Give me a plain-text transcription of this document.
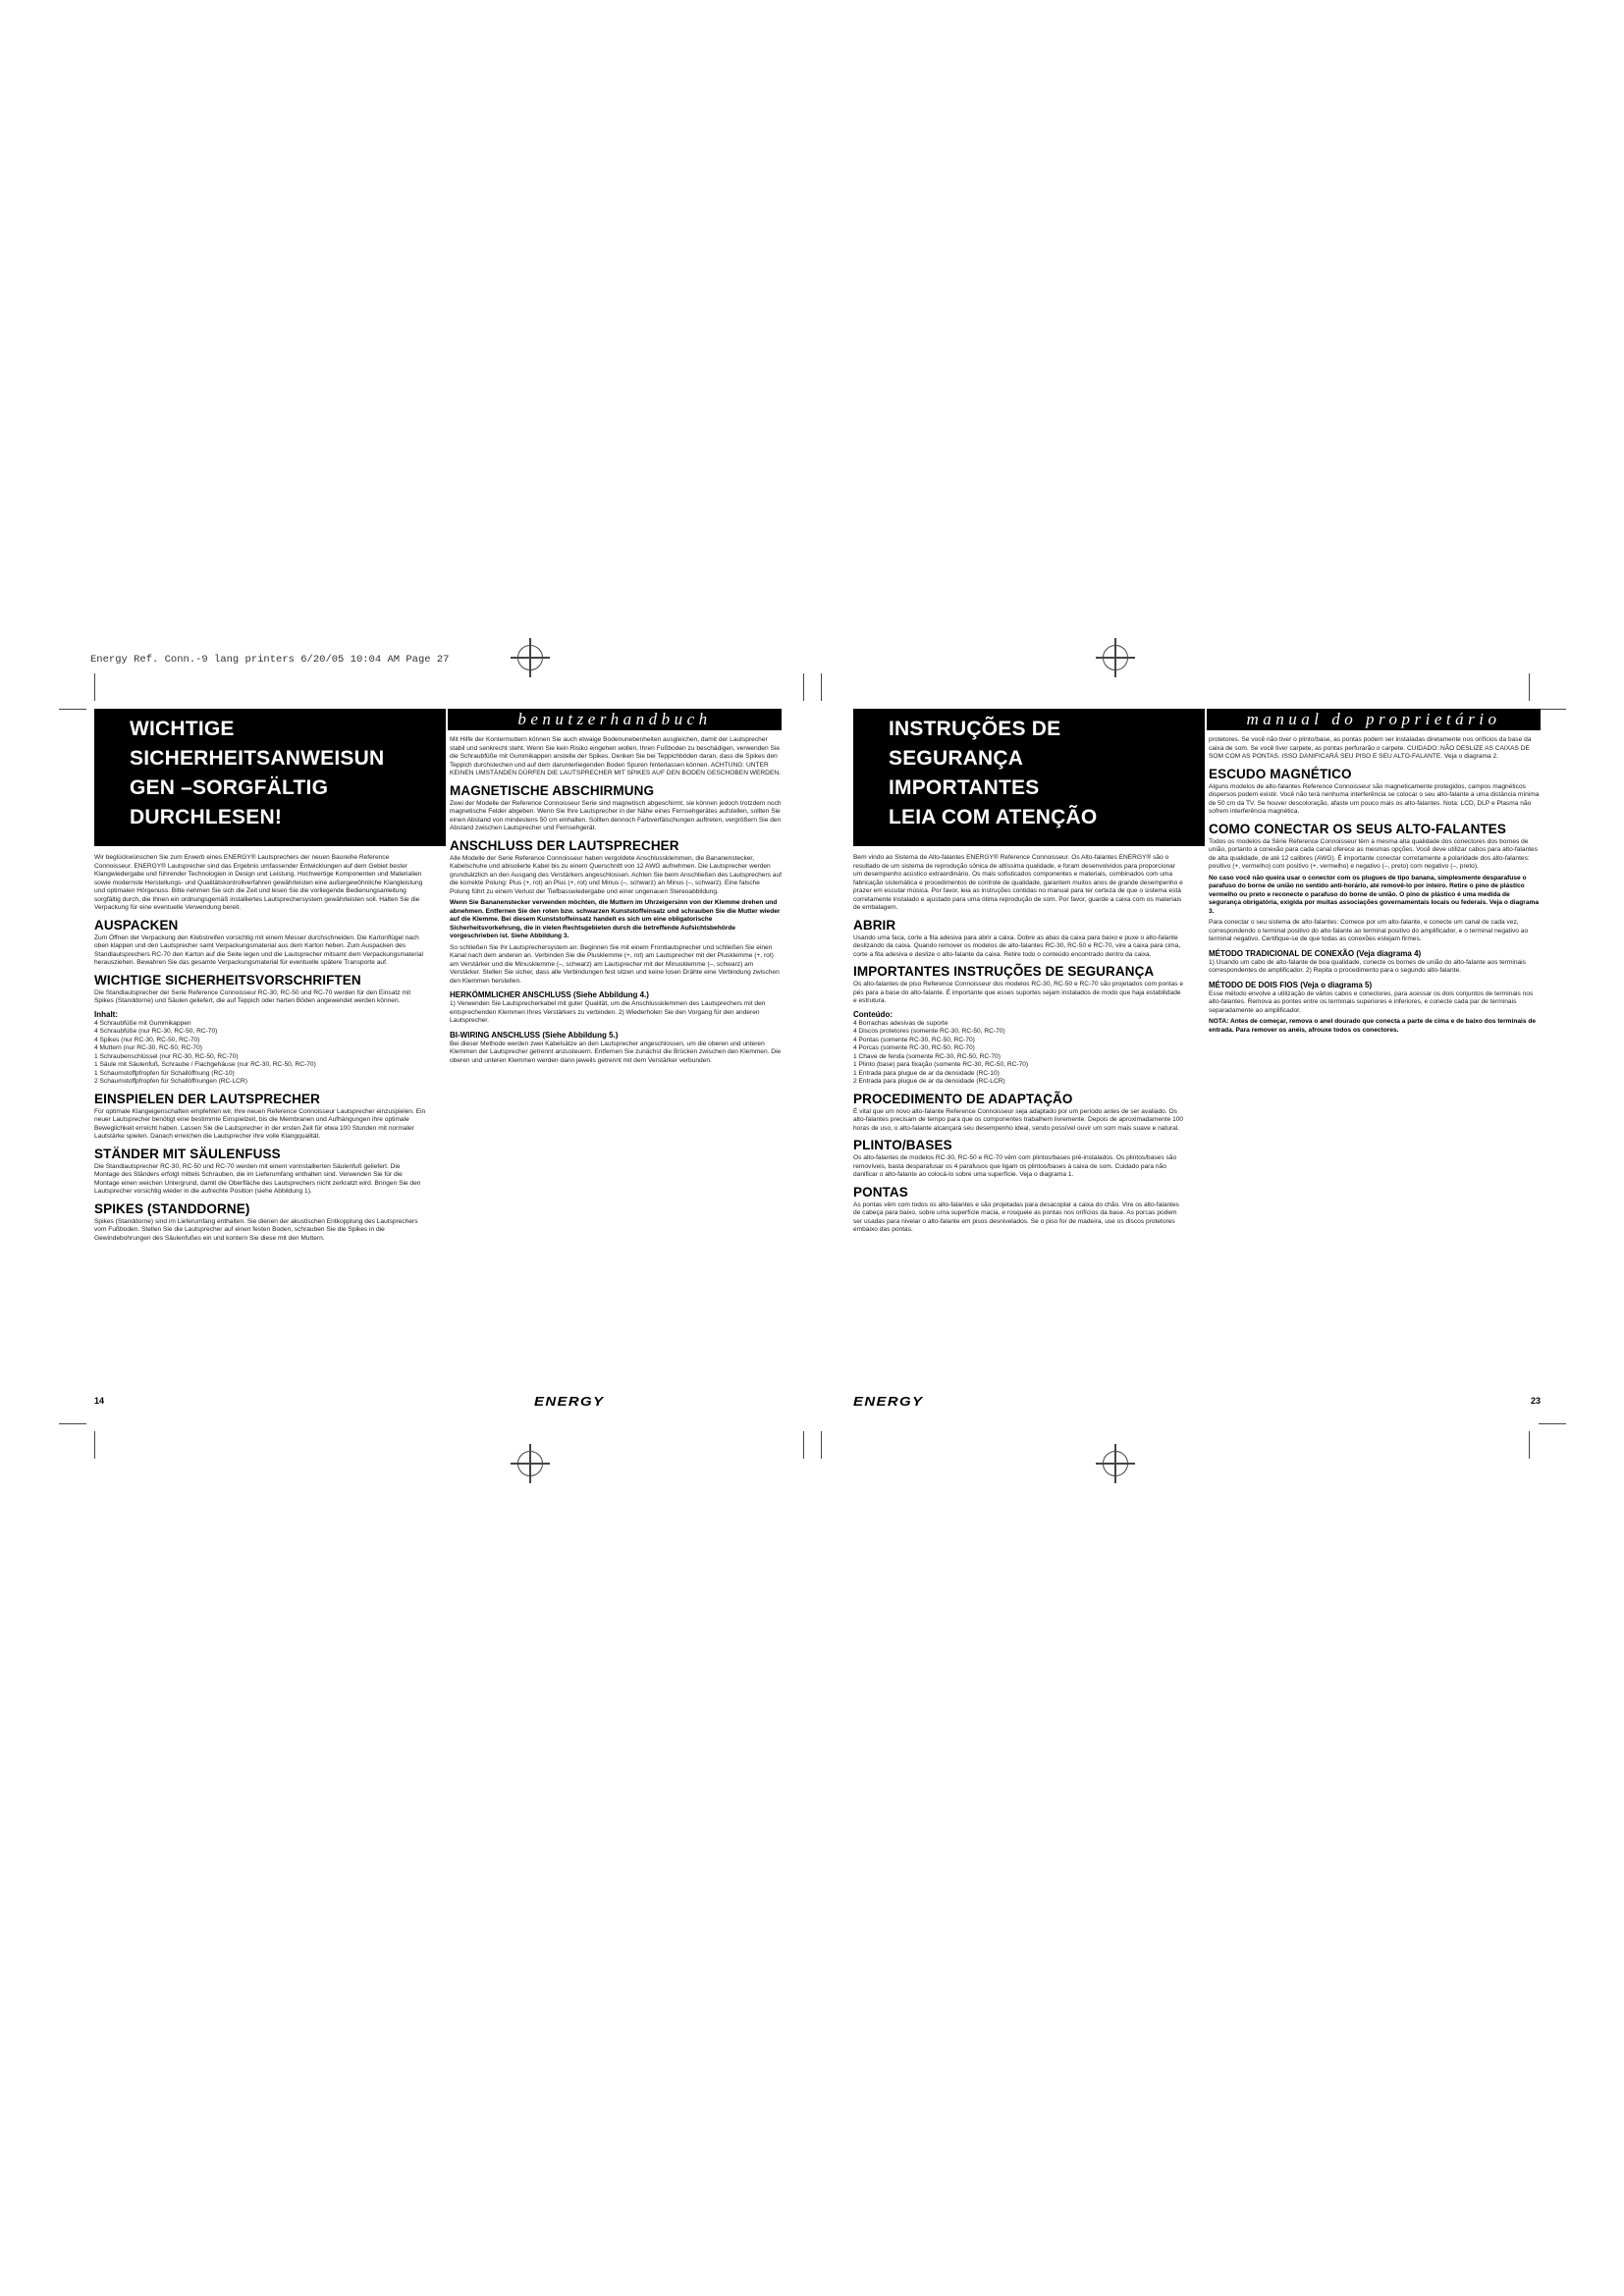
Energy Ref. Conn.-9 lang printers 6/20/05 10:04 AM Page 27
WICHTIGE
SICHERHEITSANWEISUN
GEN –SORGFÄLTIG
DURCHLESEN!
benutzerhandbuch

Wir beglückwünschen Sie zum Erwerb eines ENERGY® Lautsprechers der neuen Baureihe Reference Connoisseur. ENERGY® Lautsprecher sind das Ergebnis umfassender Entwicklungen auf dem Gebiet bester Klangwiedergabe und führender Technologien in Design und Leistung. Hochwertige Komponenten und Materialien sowie modernste Herstellungs- und Qualitätskontrollverfahren gewährleisten eine außergewöhnliche Klangleistung und optimalen Hörgenuss. Bitte nehmen Sie sich die Zeit und lesen Sie die vorliegende Bedienungsanleitung sorgfältig durch, die Ihnen ein ordnungsgemäß installiertes Lautsprechersystem gewährleisten soll. Halten Sie die Verpackung für eine eventuelle Verwendung bereit.

AUSPACKEN

Zum Öffnen der Verpackung den Klebstreifen vorsichtig mit einem Messer durchschneiden. Die Kartonflügel nach oben klappen und den Lautsprecher samt Verpackungsmaterial aus dem Karton heben. Zum Auspacken des Standlautsprechers RC-70 den Karton auf die Seite legen und die Lautsprecher mitsamt dem Verpackungsmaterial herausziehen. Bewahren Sie das gesamte Verpackungsmaterial für eventuelle spätere Transporte auf.

WICHTIGE SICHERHEITSVORSCHRIFTEN

Die Standlautsprecher der Serie Reference Connoisseur RC-30, RC-50 und RC-70 werden für den Einsatz mit Spikes (Standdorne) und Säulen geliefert, die auf Teppich oder harten Böden angewendet werden können.

Inhalt:
4 Schraubfüße mit Gummikappen
4 Schraubfüße (nur RC-30, RC-50, RC-70)
4 Spikes (nur RC-30, RC-50, RC-70)
4 Muttern (nur RC-30, RC-50, RC-70)
1 Schraubenschlüssel (nur RC-30, RC-50, RC-70)
1 Säule mit Säulenfuß, Schraube / Flachgehäuse (nur RC-30, RC-50, RC-70)
1 Schaumstoffpfropfen für Schallöffnung (RC-10)
2 Schaumstoffpfropfen für Schallöffnungen (RC-LCR)
EINSPIELEN DER LAUTSPRECHER

Für optimale Klangeigenschaften empfehlen wir, Ihre neuen Reference Connoisseur Lautsprecher einzuspielen. Ein neuer Lautsprecher benötigt eine bestimmte Einspielzeit, bis die Membranen und Aufhängungen ihre optimale Beweglichkeit erreicht haben. Lassen Sie die Lautsprecher in der ersten Zeit für etwa 100 Stunden mit normaler Lautstärke spielen. Danach erreichen die Lautsprecher ihre volle Klangqualität.

STÄNDER MIT SÄULENFUSS

Die Standlautsprecher RC-30, RC-50 und RC-70 werden mit einem vorinstallierten Säulenfuß geliefert. Die Montage des Ständers erfolgt mittels Schrauben, die im Lieferumfang enthalten sind. Verwenden Sie für die Montage einen weichen Untergrund, damit die Oberfläche des Lautsprechers nicht zerkratzt wird. Bringen Sie den Lautsprecher vorsichtig wieder in die aufrechte Position (siehe Abbildung 1).

SPIKES (STANDDORNE)

Spikes (Standdorne) sind im Lieferumfang enthalten. Sie dienen der akustischen Entkopplung des Lautsprechers vom Fußboden. Stellen Sie die Lautsprecher auf einen festen Boden, schrauben Sie die Spikes in die Gewindebohrungen des Säulenfußes ein und kontern Sie diese mit den Muttern.

Mit Hilfe der Kontermuttern können Sie auch etwaige Bodenunebenheiten ausgleichen, damit der Lautsprecher stabil und senkrecht steht. Wenn Sie kein Risiko eingehen wollen, Ihren Fußboden zu beschädigen, verwenden Sie die Schraubfüße mit Gummikappen anstelle der Spikes. Denken Sie bei Teppichböden daran, dass die Spikes den Teppich durchstechen und auf dem darunterliegenden Boden Spuren hinterlassen können. ACHTUNG: UNTER KEINEN UMSTÄNDEN DÜRFEN DIE LAUTSPRECHER MIT SPIKES AUF DEN BODEN GESCHOBEN WERDEN.

MAGNETISCHE ABSCHIRMUNG

Zwei der Modelle der Reference Connoisseur Serie sind magnetisch abgeschirmt, sie können jedoch trotzdem noch magnetische Felder abgeben. Wenn Sie Ihre Lautsprecher in der Nähe eines Fernsehgerätes aufstellen, sollten Sie einen Abstand von mindestens 50 cm einhalten. Sollten dennoch Farbverfälschungen auftreten, vergrößern Sie den Abstand zwischen Lautsprecher und Fernsehgerät.

ANSCHLUSS DER LAUTSPRECHER

Alle Modelle der Serie Reference Connoisseur haben vergoldete Anschlussklemmen, die Bananenstecker, Kabelschuhe und abisolierte Kabel bis zu einem Querschnitt von 12 AWG aufnehmen. Die Lautsprecher werden grundsätzlich an den Ausgang des Verstärkers angeschlossen. Achten Sie beim Anschließen des Lautsprechers auf die korrekte Polung: Plus (+, rot) an Plus (+, rot) und Minus (–, schwarz) an Minus (–, schwarz). Eine falsche Polung führt zu einem Verlust der Tiefbasswiedergabe und einer ungenauen Stereoabbildung.

Wenn Sie Bananenstecker verwenden möchten, die Muttern im Uhrzeigersinn von der Klemme drehen und abnehmen. Entfernen Sie den roten bzw. schwarzen Kunststoffeinsatz und schrauben Sie die Mutter wieder auf die Klemme. Bei diesem Kunststoffeinsatz handelt es sich um eine obligatorische Sicherheitsvorkehrung, die in vielen Rechtsgebieten durch die betreffende Aufsichtsbehörde vorgeschrieben ist. Siehe Abbildung 3.

So schließen Sie Ihr Lautsprechersystem an: Beginnen Sie mit einem Frontlautsprecher und schließen Sie einen Kanal nach dem anderen an. Verbinden Sie die Plusklemme (+, rot) am Lautsprecher mit der Plusklemme (+, rot) am Verstärker und die Minusklemme (–, schwarz) am Lautsprecher mit der Minusklemme (–, schwarz) am Verstärker. Stellen Sie sicher, dass alle Verbindungen fest sitzen und keine losen Drähte eine Verbindung zwischen den Klemmen herstellen.

HERKÖMMLICHER ANSCHLUSS (Siehe Abbildung 4.)

1) Verwenden Sie Lautsprecherkabel mit guter Qualität, um die Anschlussklemmen des Lautsprechers mit den entsprechenden Klemmen Ihres Verstärkers zu verbinden. 2) Wiederholen Sie den Vorgang für den anderen Lautsprecher.

BI-WIRING ANSCHLUSS (Siehe Abbildung 5.)

Bei dieser Methode werden zwei Kabelsätze an den Lautsprecher angeschlossen, um die oberen und unteren Klemmen der Lautsprecher getrennt anzusteuern. Entfernen Sie zunächst die Brücken zwischen den Klemmen. Die oberen und unteren Klemmen werden dann jeweils getrennt mit dem Verstärker verbunden.

14	ENERGY
INSTRUÇÕES DE
SEGURANÇA
IMPORTANTES
LEIA COM ATENÇÃO
manual do proprietário

Bem vindo ao Sistema de Alto-falantes ENERGY® Reference Connoisseur. Os Alto-falantes ENERGY® são o resultado de um sistema de reprodução sônica de altíssima qualidade, e foram desenvolvidos para proporcionar um desempenho acústico extraordinário. Os mais sofisticados componentes e materiais, combinados com uma fabricação sistemática e procedimentos de controle de qualidade, garantem muitos anos de grande desempenho e prazer em escutar música. Por favor, leia as instruções contidas no manual para ter certeza de que o sistema está corretamente instalado e ajustado para uma ótima reprodução de som. Por favor, guarde a caixa com os materiais de embalagem.

ABRIR

Usando uma faca, corte a fita adesiva para abrir a caixa. Dobre as abas da caixa para baixo e puxe o alto-falante deslizando da caixa. Quando remover os modelos de alto-falantes RC-30, RC-50 e RC-70, vire a caixa para cima, corte a fita adesiva e deslize o alto-falante da caixa. Retire todo o conteúdo encontrado dentro da caixa.

IMPORTANTES INSTRUÇÕES DE SEGURANÇA

Os alto-falantes de piso Reference Connoisseur dos modelos RC-30, RC-50 e RC-70 são projetados com pontas e pés para a base do alto-falante. É importante que esses suportes sejam instalados de modo que haja estabilidade e estrutura.

Conteúdo:
4 Borrachas adesivas de suporte
4 Discos protetores (somente RC-30, RC-50, RC-70)
4 Pontas (somente RC-30, RC-50, RC-70)
4 Porcas (somente RC-30, RC-50, RC-70)
1 Chave de fenda (somente RC-30, RC-50, RC-70)
1 Plinto (base) para fixação (somente RC-30, RC-50, RC-70)
1 Entrada para plugue de ar da densidade (RC-10)
2 Entrada para plugue de ar da densidade (RC-LCR)
PROCEDIMENTO DE ADAPTAÇÃO

É vital que um novo alto-falante Reference Connoisseur seja adaptado por um período antes de ser avaliado. Os alto-falantes precisam de tempo para que os componentes trabalhem livremente. Depois de aproximadamente 100 horas de uso, o alto-falante alcançará seu desempenho ideal, sendo possível ouvir um som mais suave e natural.

PLINTO/BASES

Os alto-falantes de modelos RC-30, RC-50 e RC-70 vêm com plintos/bases pré-instalados. Os plintos/bases são removíveis, basta desparafusar os 4 parafusos que ligam os plintos/bases à caixa de som. Cuidado para não danificar o alto-falante ao colocá-lo sobre uma superfície. Veja o diagrama 1.

PONTAS

As pontas vêm com todos os alto-falantes e são projetadas para desacoplar a caixa do chão. Vire os alto-falantes de cabeça para baixo, sobre uma superfície macia, e rosqueie as pontas nos orifícios da base. As porcas podem ser usadas para nivelar o alto-falante em pisos desnivelados. Se o piso for de madeira, use os discos protetores embaixo das pontas.

protetores. Se você não tiver o plinto/base, as pontas podem ser instaladas diretamente nos orifícios da base da caixa de som. Se você tiver carpete, as pontas perfurarão o carpete. CUIDADO: NÃO DESLIZE AS CAIXAS DE SOM COM AS PONTAS. ISSO DANIFICARÁ SEU PISO E SEU ALTO-FALANTE. Veja o diagrama 2.

ESCUDO MAGNÉTICO

Alguns modelos de alto-falantes Reference Connoisseur são magneticamente protegidos, campos magnéticos dispersos podem existir. Você não terá nenhuma interferência se colocar o seu alto-falante a uma distância mínima de 50 cm da TV. Se houver descoloração, afaste um pouco mais os alto-falantes. Nota: LCD, DLP e Plasma não sofrem interferência magnética.

COMO CONECTAR OS SEUS ALTO-FALANTES

Todos os modelos da Série Reference Connoisseur têm a mesma alta qualidade dos conectores dos bornes de união, portanto a conexão para cada canal oferece as mesmas opções. Você deve utilizar cabos para alto-falantes de alta qualidade, de até 12 calibres (AWG). É importante conectar corretamente a polaridade dos alto-falantes: positivo (+, vermelho) com positivo (+, vermelho) e negativo (–, preto) com negativo (–, preto).

No caso você não queira usar o conector com os plugues de tipo banana, simplesmente desparafuse o parafuso do borne de união no sentido anti-horário, até removê-lo por inteiro. Retire o pino de plástico vermelho ou preto e reconecte o parafuso do borne de união. O pino de plástico é uma medida de segurança obrigatória, exigida por muitas associações governamentais locais ou federais. Veja o diagrama 3.

Para conectar o seu sistema de alto-falantes: Comece por um alto-falante, e conecte um canal de cada vez, correspondendo o terminal positivo do alto-falante ao terminal positivo do amplificador, e o terminal negativo ao terminal negativo. Certifique-se de que todas as conexões estejam firmes.

MÉTODO TRADICIONAL DE CONEXÃO (Veja diagrama 4)

1) Usando um cabo de alto-falante de boa qualidade, conecte os bornes de união do alto-falante aos terminais correspondentes do amplificador. 2) Repita o procedimento para o segundo alto-falante.

MÉTODO DE DOIS FIOS (Veja o diagrama 5)

Esse método envolve a utilização de vários cabos e conectores, para acessar os dois conjuntos de terminais nos alto-falantes. Remova as pontes entre os terminais superiores e inferiores, e conecte cada par de terminais separadamente ao amplificador.

NOTA: Antes de começar, remova o anel dourado que conecta a parte de cima e de baixo dos terminais de entrada. Para remover os anéis, afrouxe todos os conectores.

ENERGY	23
